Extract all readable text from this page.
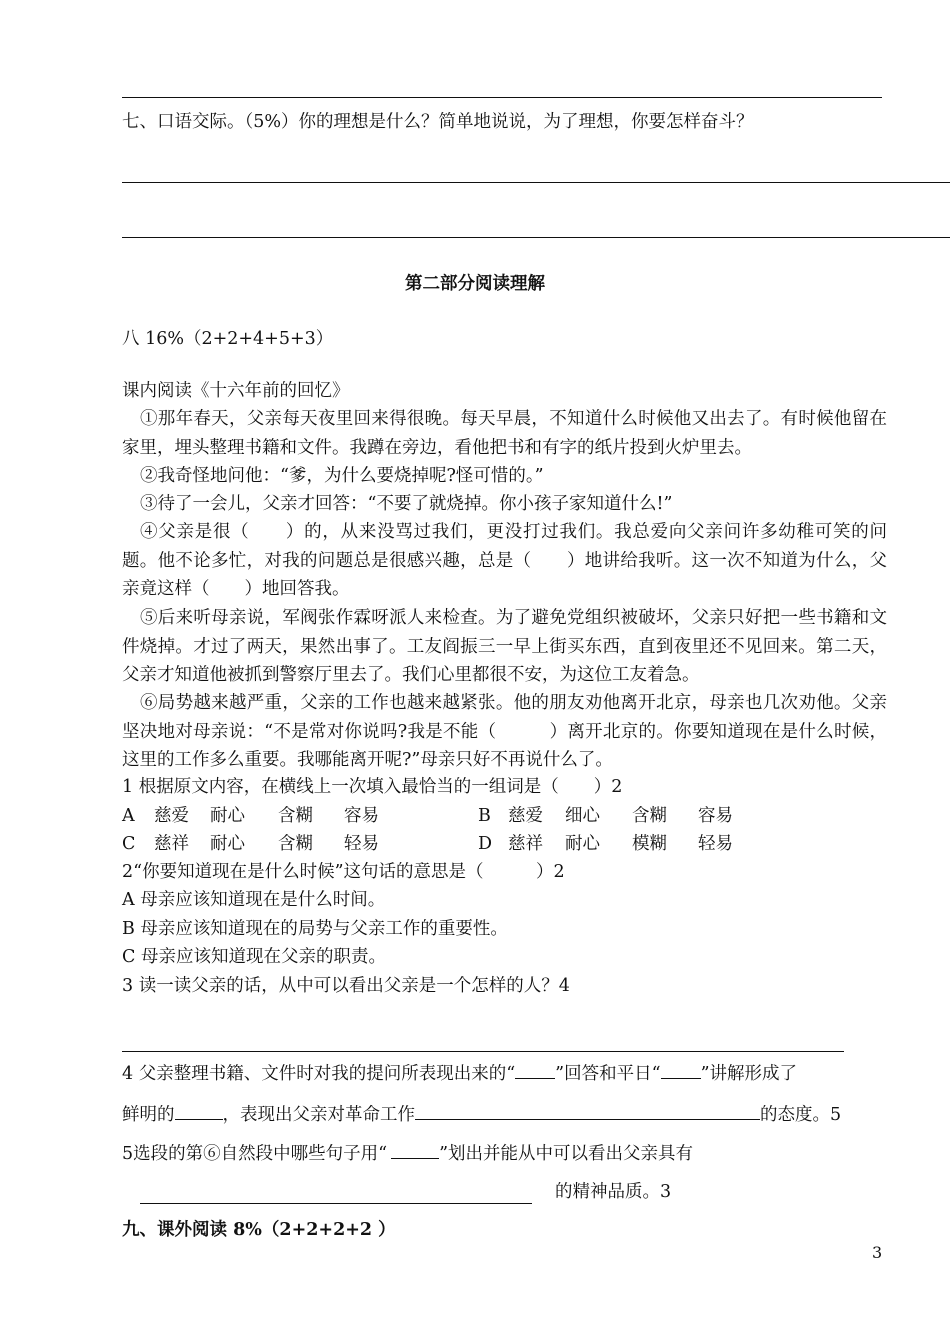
七、口语交际。（5%）你的理想是什么？简单地说说，为了理想，你要怎样奋斗？
第二部分阅读理解
八 16%（2+2+4+5+3）
课内阅读《十六年前的回忆》
①那年春天，父亲每天夜里回来得很晚。每天早晨，不知道什么时候他又出去了。有时候他留在家里，埋头整理书籍和文件。我蹲在旁边，看他把书和有字的纸片投到火炉里去。
②我奇怪地问他：“爹，为什么要烧掉呢?怪可惜的。”
③待了一会儿，父亲才回答：“不要了就烧掉。你小孩子家知道什么!”
④父亲是很（　　）的，从来没骂过我们，更没打过我们。我总爱向父亲问许多幼稚可笑的问题。他不论多忙，对我的问题总是很感兴趣，总是（　　）地讲给我听。这一次不知道为什么，父亲竟这样（　　）地回答我。
⑤后来听母亲说，军阀张作霖呀派人来检查。为了避免党组织被破坏，父亲只好把一些书籍和文件烧掉。才过了两天，果然出事了。工友阎振三一早上街买东西，直到夜里还不见回来。第二天，父亲才知道他被抓到警察厅里去了。我们心里都很不安，为这位工友着急。
⑥局势越来越严重，父亲的工作也越来越紧张。他的朋友劝他离开北京，母亲也几次劝他。父亲坚决地对母亲说：“不是常对你说吗?我是不能（　　　）离开北京的。你要知道现在是什么时候，这里的工作多么重要。我哪能离开呢?”母亲只好不再说什么了。
1 根据原文内容，在横线上一次填入最恰当的一组词是（　　）2
A 慈爱 耐心 含糊 容易	B 慈爱 细心 含糊 容易
C 慈祥 耐心 含糊 轻易	D 慈祥 耐心 模糊 轻易
2“你要知道现在是什么时候”这句话的意思是（　　　）2
A 母亲应该知道现在是什么时间。
B 母亲应该知道现在的局势与父亲工作的重要性。
C 母亲应该知道现在父亲的职责。
3 读一读父亲的话，从中可以看出父亲是一个怎样的人？4
4 父亲整理书籍、文件时对我的提问所表现出来的“ ”回答和平日“ ”讲解形成了
鲜明的	，表现出父亲对革命工作	的态度。5
5选段的第⑥自然段中哪些句子用“	”划出并能从中可以看出父亲具有
的精神品质。3
九、课外阅读 8%（2+2+2+2 ）
3
